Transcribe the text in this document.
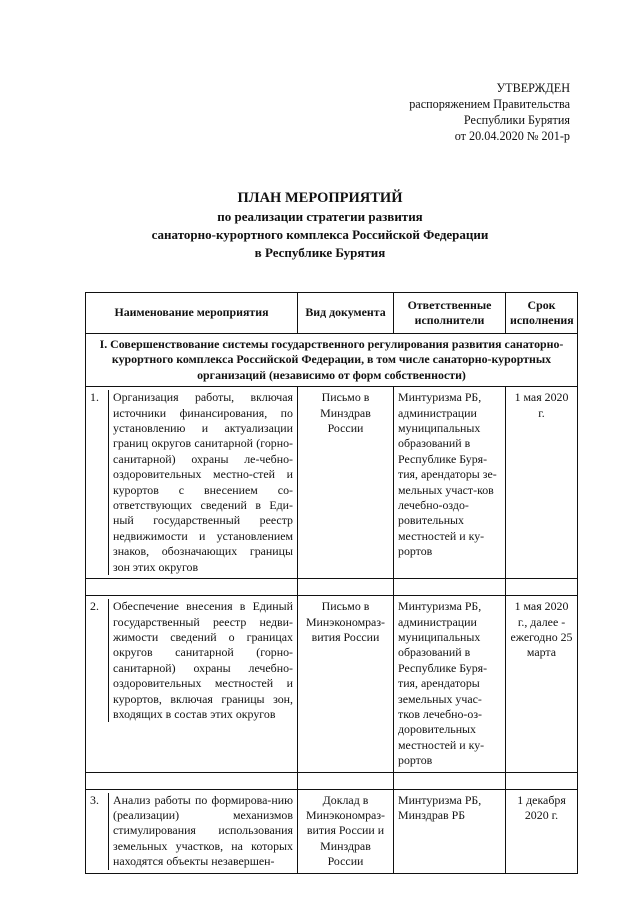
УТВЕРЖДЕН
распоряжением Правительства
Республики Бурятия
от 20.04.2020 № 201-р
ПЛАН МЕРОПРИЯТИЙ
по реализации стратегии развития
санаторно-курортного комплекса Российской Федерации
в Республике Бурятия
Наименование мероприятия	Вид документа	Ответственные исполнители	Срок исполнения
I. Совершенствование системы государственного регулирования развития санаторно-курортного комплекса Российской Федерации, в том числе санаторно-курортных организаций (независимо от форм собственности)			

1. Организация работы, включая источники финансирования, по установлению и актуализации границ округов санитарной (горно-санитарной) охраны ле-чебно-оздоровительных местно-стей и курортов с внесением со-ответствующих сведений в Еди-ный государственный реестр недвижимости и установлением знаков, обозначающих границы зон этих округов	Письмо в Минздрав России	Минтуризма РБ, администрации муниципальных образований в Республике Буря-тия, арендаторы зе-мельных участ-ков лечебно-оздо-ровительных местностей и ку-рортов	1 мая 2020 г.

2. Обеспечение внесения в Единый государственный реестр недви-жимости сведений о границах округов санитарной (горно-санитарной) охраны лечебно-оздоровительных местностей и курортов, включая границы зон, входящих в состав этих округов	Письмо в Минэкономраз-вития России	Минтуризма РБ, администрации муниципальных образований в Республике Буря-тия, арендаторы земельных учас-тков лечебно-оз-доровительных местностей и ку-рортов	1 мая 2020 г., далее - ежегодно 25 марта

3. Анализ работы по формирова-нию (реализации) механизмов стимулирования использования земельных участков, на которых находятся объекты незавершен-	Доклад в Минэкономраз-вития России и Минздрав России	Минтуризма РБ, Минздрав РБ	1 декабря 2020 г.
